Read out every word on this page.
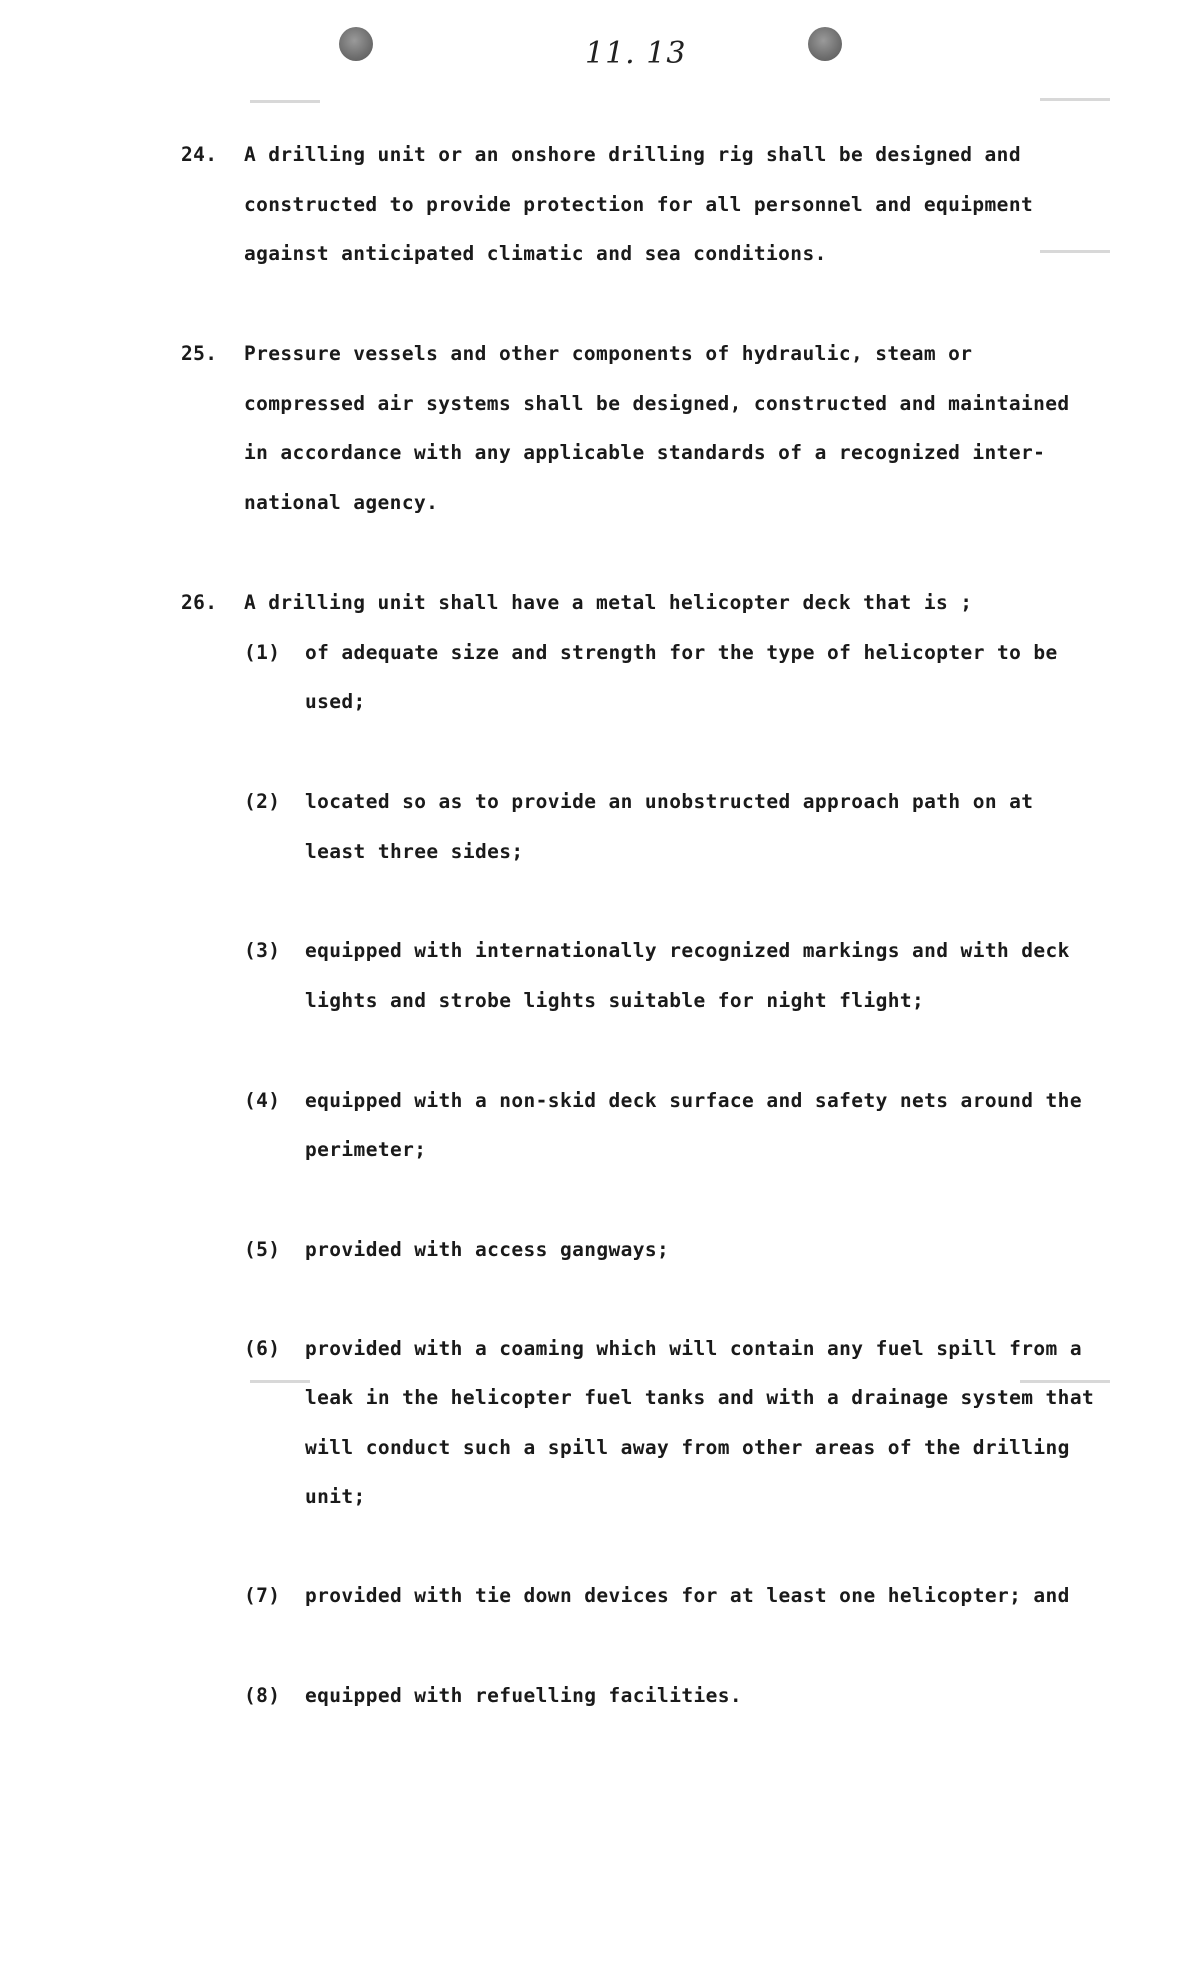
11. 13
24. A drilling unit or an onshore drilling rig shall be designed and
constructed to provide protection for all personnel and equipment
against anticipated climatic and sea conditions.
25. Pressure vessels and other components of hydraulic, steam or
compressed air systems shall be designed, constructed and maintained
in accordance with any applicable standards of a recognized inter-
national agency.
26. A drilling unit shall have a metal helicopter deck that is ;
(1) of adequate size and strength for the type of helicopter to be
used;
(2) located so as to provide an unobstructed approach path on at
least three sides;
(3) equipped with internationally recognized markings and with deck
lights and strobe lights suitable for night flight;
(4) equipped with a non-skid deck surface and safety nets around the
perimeter;
(5) provided with access gangways;
(6) provided with a coaming which will contain any fuel spill from a
leak in the helicopter fuel tanks and with a drainage system that
will conduct such a spill away from other areas of the drilling
unit;
(7) provided with tie down devices for at least one helicopter; and
(8) equipped with refuelling facilities.
